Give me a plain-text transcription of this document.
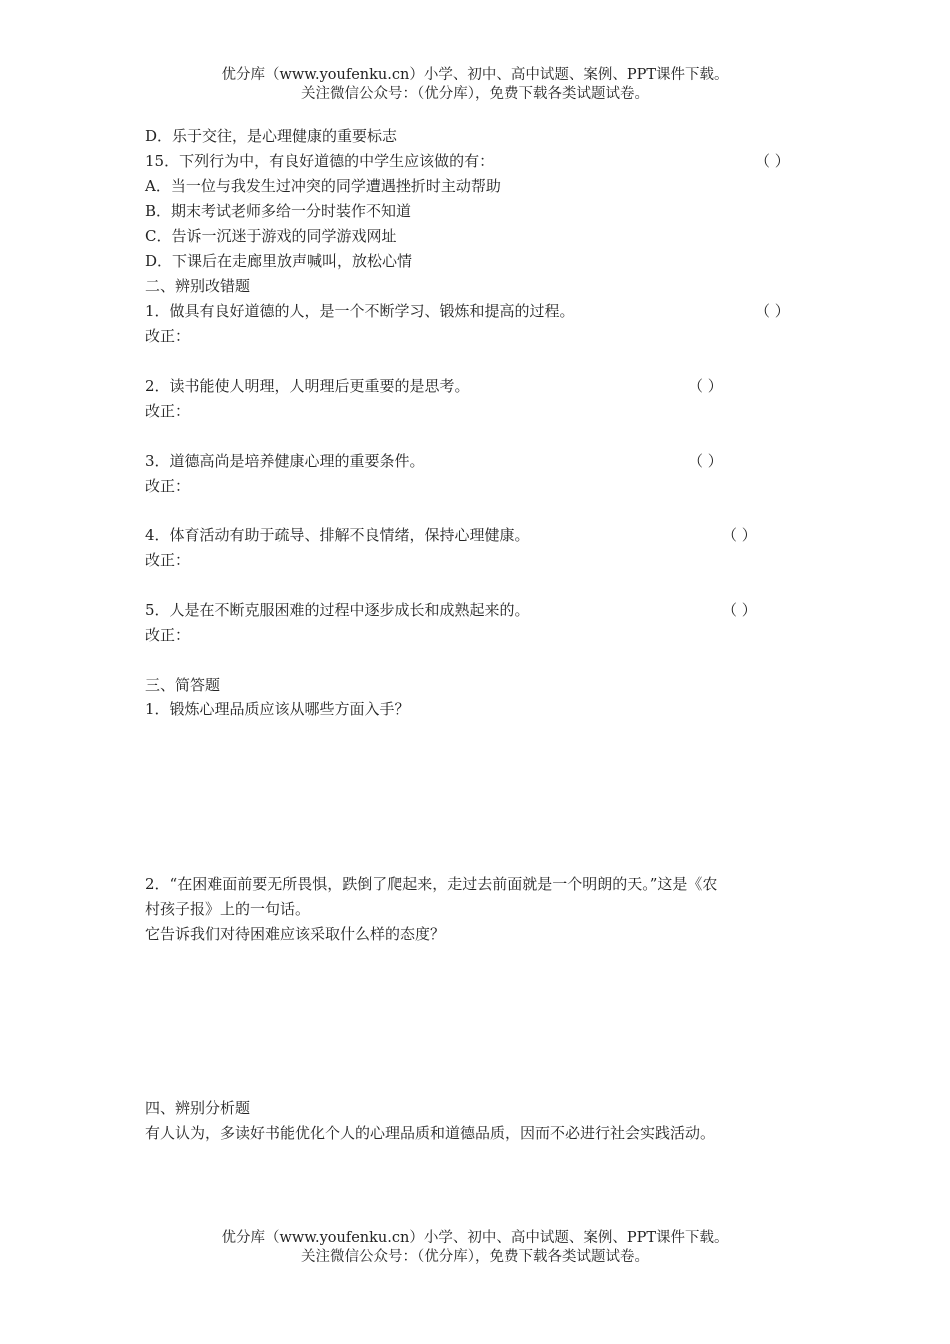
优分库（www.youfenku.cn）小学、初中、高中试题、案例、PPT课件下载。
关注微信公众号：（优分库），免费下载各类试题试卷。
D．乐于交往，是心理健康的重要标志
15．下列行为中，有良好道德的中学生应该做的有：	（ ）
A．当一位与我发生过冲突的同学遭遇挫折时主动帮助
B．期末考试老师多给一分时装作不知道
C．告诉一沉迷于游戏的同学游戏网址
D．下课后在走廊里放声喊叫，放松心情
二、辨别改错题
1．做具有良好道德的人，是一个不断学习、锻炼和提高的过程。	（ ）
改正：
2．读书能使人明理，人明理后更重要的是思考。	（ ）
改正：
3．道德高尚是培养健康心理的重要条件。	（ ）
改正：
4．体育活动有助于疏导、排解不良情绪，保持心理健康。	（ ）
改正：
5．人是在不断克服困难的过程中逐步成长和成熟起来的。	（ ）
改正：
三、简答题
1．锻炼心理品质应该从哪些方面入手？
2．“在困难面前要无所畏惧，跌倒了爬起来，走过去前面就是一个明朗的天。”这是《农
村孩子报》上的一句话。
它告诉我们对待困难应该采取什么样的态度？
四、辨别分析题
有人认为，多读好书能优化个人的心理品质和道德品质，因而不必进行社会实践活动。
优分库（www.youfenku.cn）小学、初中、高中试题、案例、PPT课件下载。
关注微信公众号：（优分库），免费下载各类试题试卷。
